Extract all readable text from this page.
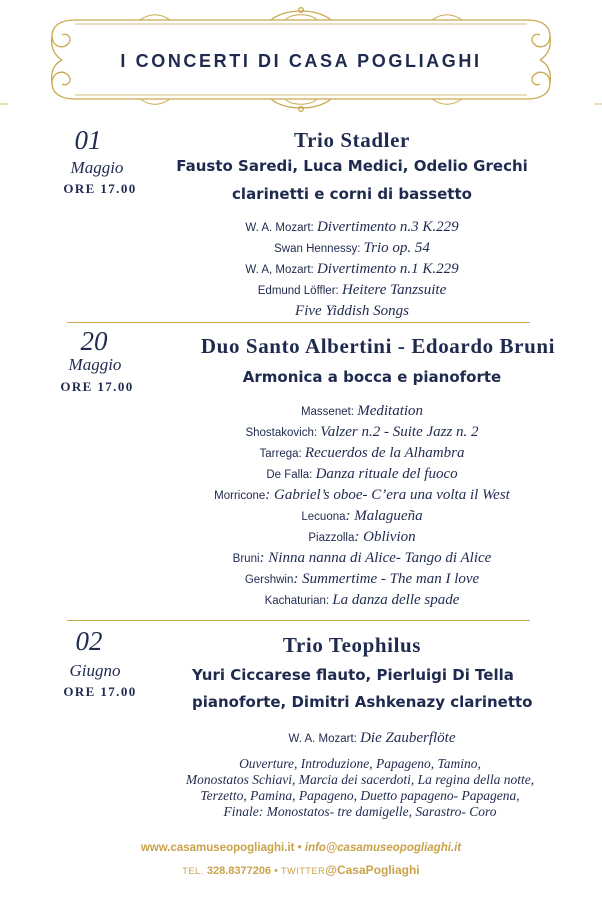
I CONCERTI DI CASA POGLIAGHI
01
Maggio
ORE 17.00
Trio Stadler
Fausto Saredi, Luca Medici, Odelio Grechi
clarinetti e corni di bassetto
W. A. Mozart: Divertimento n.3 K.229
Swan Hennessy: Trio op. 54
W. A, Mozart: Divertimento n.1 K.229
Edmund Löffler: Heitere Tanzsuite
Five Yiddish Songs
20
Maggio
ORE 17.00
Duo Santo Albertini - Edoardo Bruni
Armonica a bocca e pianoforte
Massenet: Meditation
Shostakovich: Valzer n.2 - Suite Jazz n. 2
Tarrega: Recuerdos de la Alhambra
De Falla: Danza rituale del fuoco
Morricone: Gabriel’s oboe- C’era una volta il West
Lecuona: Malagueña
Piazzolla: Oblivion
Bruni: Ninna nanna di Alice- Tango di Alice
Gershwin: Summertime - The man I love
Kachaturian: La danza delle spade
02
Giugno
ORE 17.00
Trio Teophilus
Yuri Ciccarese flauto, Pierluigi Di Tella
pianoforte, Dimitri Ashkenazy clarinetto
W. A. Mozart: Die Zauberflöte
Ouverture, Introduzione, Papageno, Tamino,
Monostatos Schiavi, Marcia dei sacerdoti, La regina della notte,
Terzetto, Pamina, Papageno, Duetto papageno- Papagena,
Finale: Monostatos- tre damigelle, Sarastro- Coro
www.casamuseopogliaghi.it • info@casamuseopogliaghi.it
TEL. 328.8377206 • TWITTER@CasaPogliaghi
